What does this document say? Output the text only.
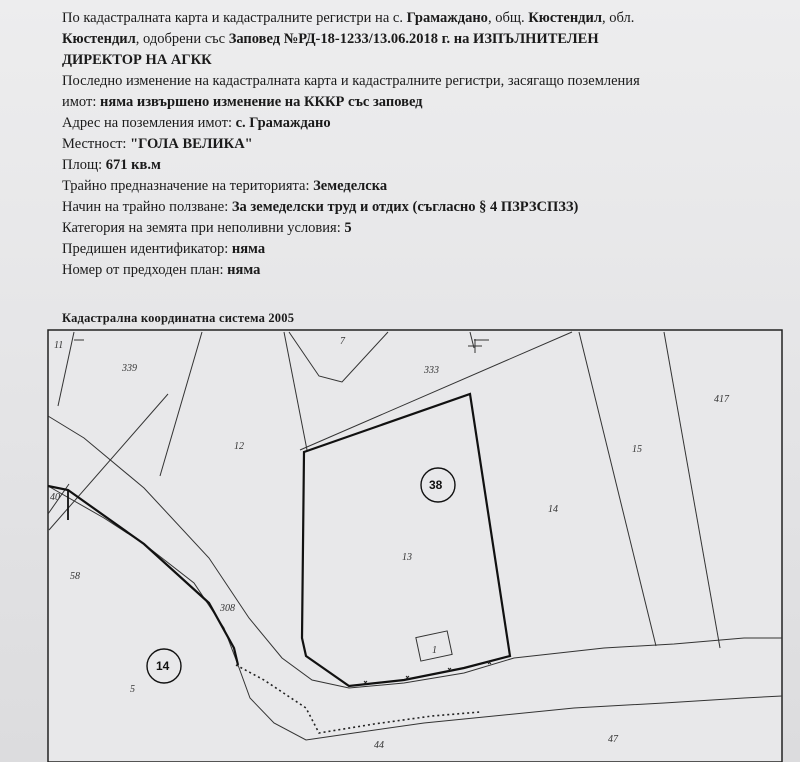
По кадастралната карта и кадастралните регистри на с. Грамаждано, общ. Кюстендил, обл.
Кюстендил, одобрени със Заповед №РД-18-1233/13.06.2018 г. на ИЗПЪЛНИТЕЛЕН
ДИРЕКТОР НА АГКК
Последно изменение на кадастралната карта и кадастралните регистри, засягащо поземления
имот: няма извършено изменение на КККР със заповед
Адрес на поземления имот: с. Грамаждано
Местност: "ГОЛА ВЕЛИКА"
Площ: 671 кв.м
Трайно предназначение на територията: Земеделска
Начин на трайно ползване: За земеделски труд и отдих (съгласно § 4 ПЗРЗСПЗЗ)
Категория на земята при неполивни условия: 5
Предишен идентификатор: няма
Номер от предходен план: няма
Кадастрална координатна система 2005
11
339
7
333
417
12
38
15
40
14
13
58
308
1
14
5
44
47
